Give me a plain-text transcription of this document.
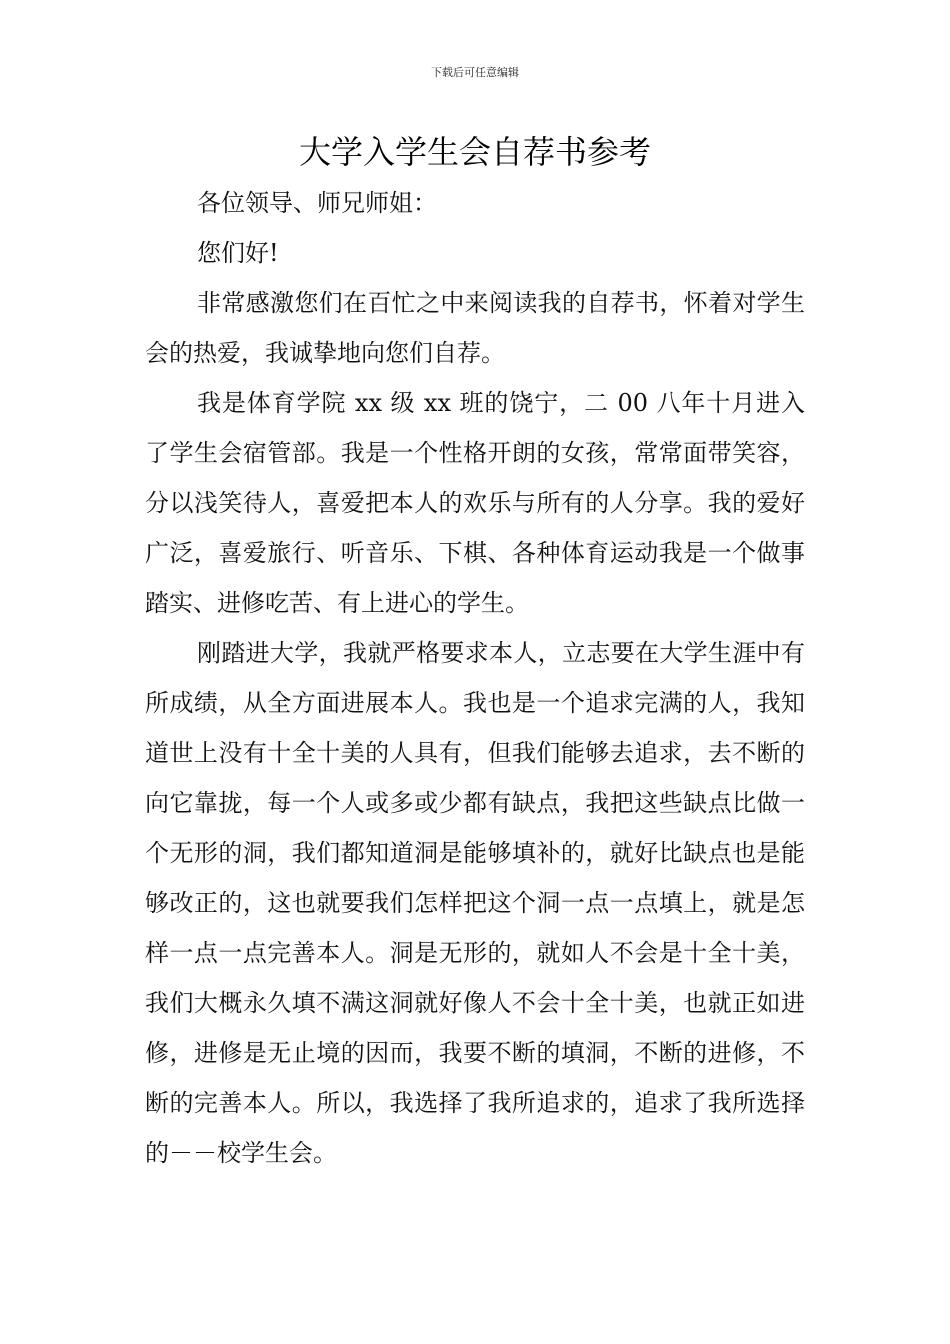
下载后可任意编辑
大学入学生会自荐书参考

各位领导、师兄师姐：

您们好!

非常感激您们在百忙之中来阅读我的自荐书，怀着对学生会的热爱，我诚挚地向您们自荐。

我是体育学院 xx 级 xx 班的饶宁，二 00 八年十月进入了学生会宿管部。我是一个性格开朗的女孩，常常面带笑容，分以浅笑待人，喜爱把本人的欢乐与所有的人分享。我的爱好广泛，喜爱旅行、听音乐、下棋、各种体育运动我是一个做事踏实、进修吃苦、有上进心的学生。

刚踏进大学，我就严格要求本人，立志要在大学生涯中有所成绩，从全方面进展本人。我也是一个追求完满的人，我知道世上没有十全十美的人具有，但我们能够去追求，去不断的向它靠拢，每一个人或多或少都有缺点，我把这些缺点比做一个无形的洞，我们都知道洞是能够填补的，就好比缺点也是能够改正的，这也就要我们怎样把这个洞一点一点填上，就是怎样一点一点完善本人。洞是无形的，就如人不会是十全十美，我们大概永久填不满这洞就好像人不会十全十美，也就正如进修，进修是无止境的因而，我要不断的填洞，不断的进修，不断的完善本人。所以，我选择了我所追求的，追求了我所选择的－－校学生会。
